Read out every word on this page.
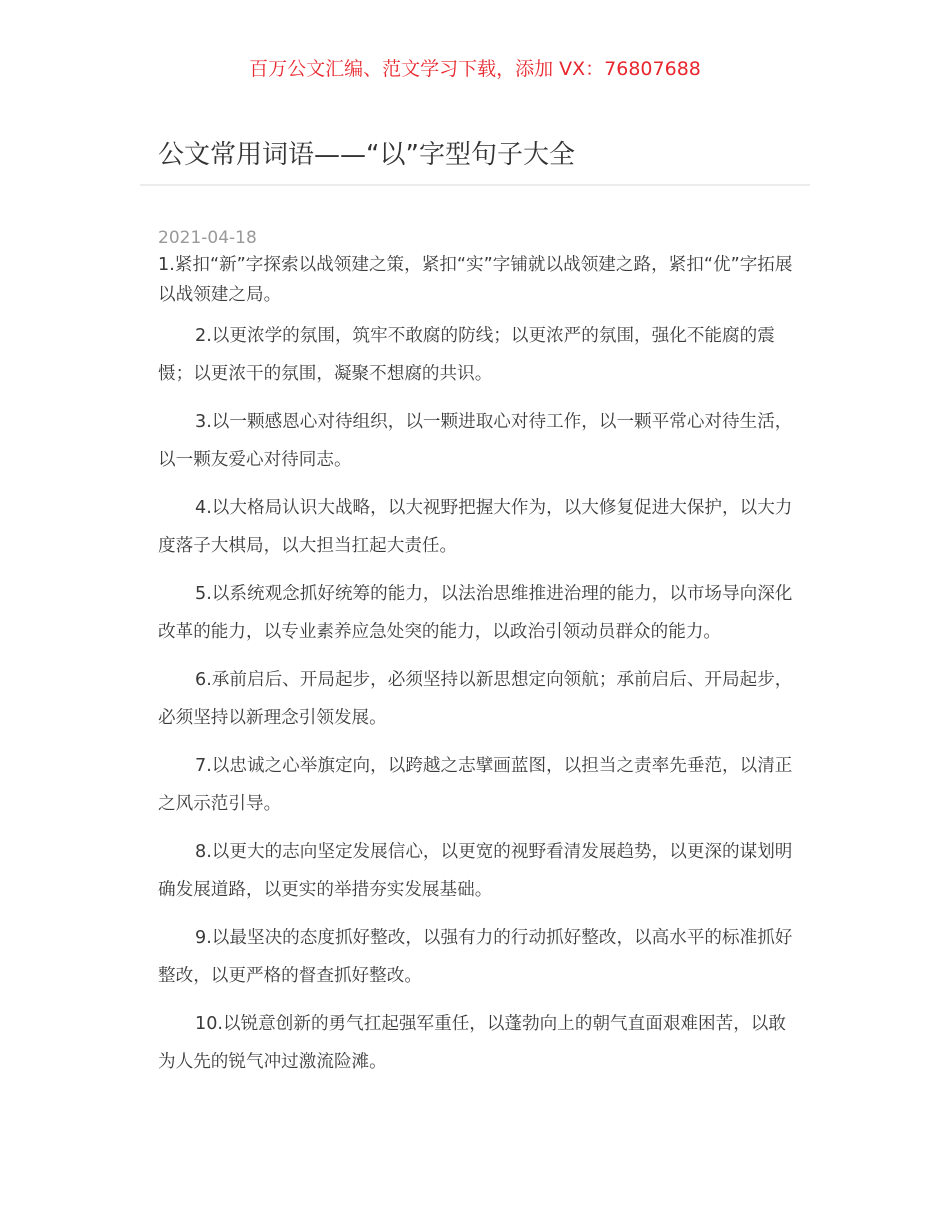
百万公文汇编、范文学习下载，添加 VX：76807688
公文常用词语——“以”字型句子大全
2021-04-18

1.紧扣“新”字探索以战领建之策，紧扣“实”字铺就以战领建之路，紧扣“优”字拓展以战领建之局。

2.以更浓学的氛围，筑牢不敢腐的防线；以更浓严的氛围，强化不能腐的震慑；以更浓干的氛围，凝聚不想腐的共识。

3.以一颗感恩心对待组织，以一颗进取心对待工作，以一颗平常心对待生活，以一颗友爱心对待同志。

4.以大格局认识大战略，以大视野把握大作为，以大修复促进大保护，以大力度落子大棋局，以大担当扛起大责任。

5.以系统观念抓好统筹的能力，以法治思维推进治理的能力，以市场导向深化改革的能力，以专业素养应急处突的能力，以政治引领动员群众的能力。

6.承前启后、开局起步，必须坚持以新思想定向领航；承前启后、开局起步，必须坚持以新理念引领发展。

7.以忠诚之心举旗定向，以跨越之志擘画蓝图，以担当之责率先垂范，以清正之风示范引导。

8.以更大的志向坚定发展信心，以更宽的视野看清发展趋势，以更深的谋划明确发展道路，以更实的举措夯实发展基础。

9.以最坚决的态度抓好整改，以强有力的行动抓好整改，以高水平的标准抓好整改，以更严格的督查抓好整改。

10.以锐意创新的勇气扛起强军重任，以蓬勃向上的朝气直面艰难困苦，以敢为人先的锐气冲过激流险滩。
